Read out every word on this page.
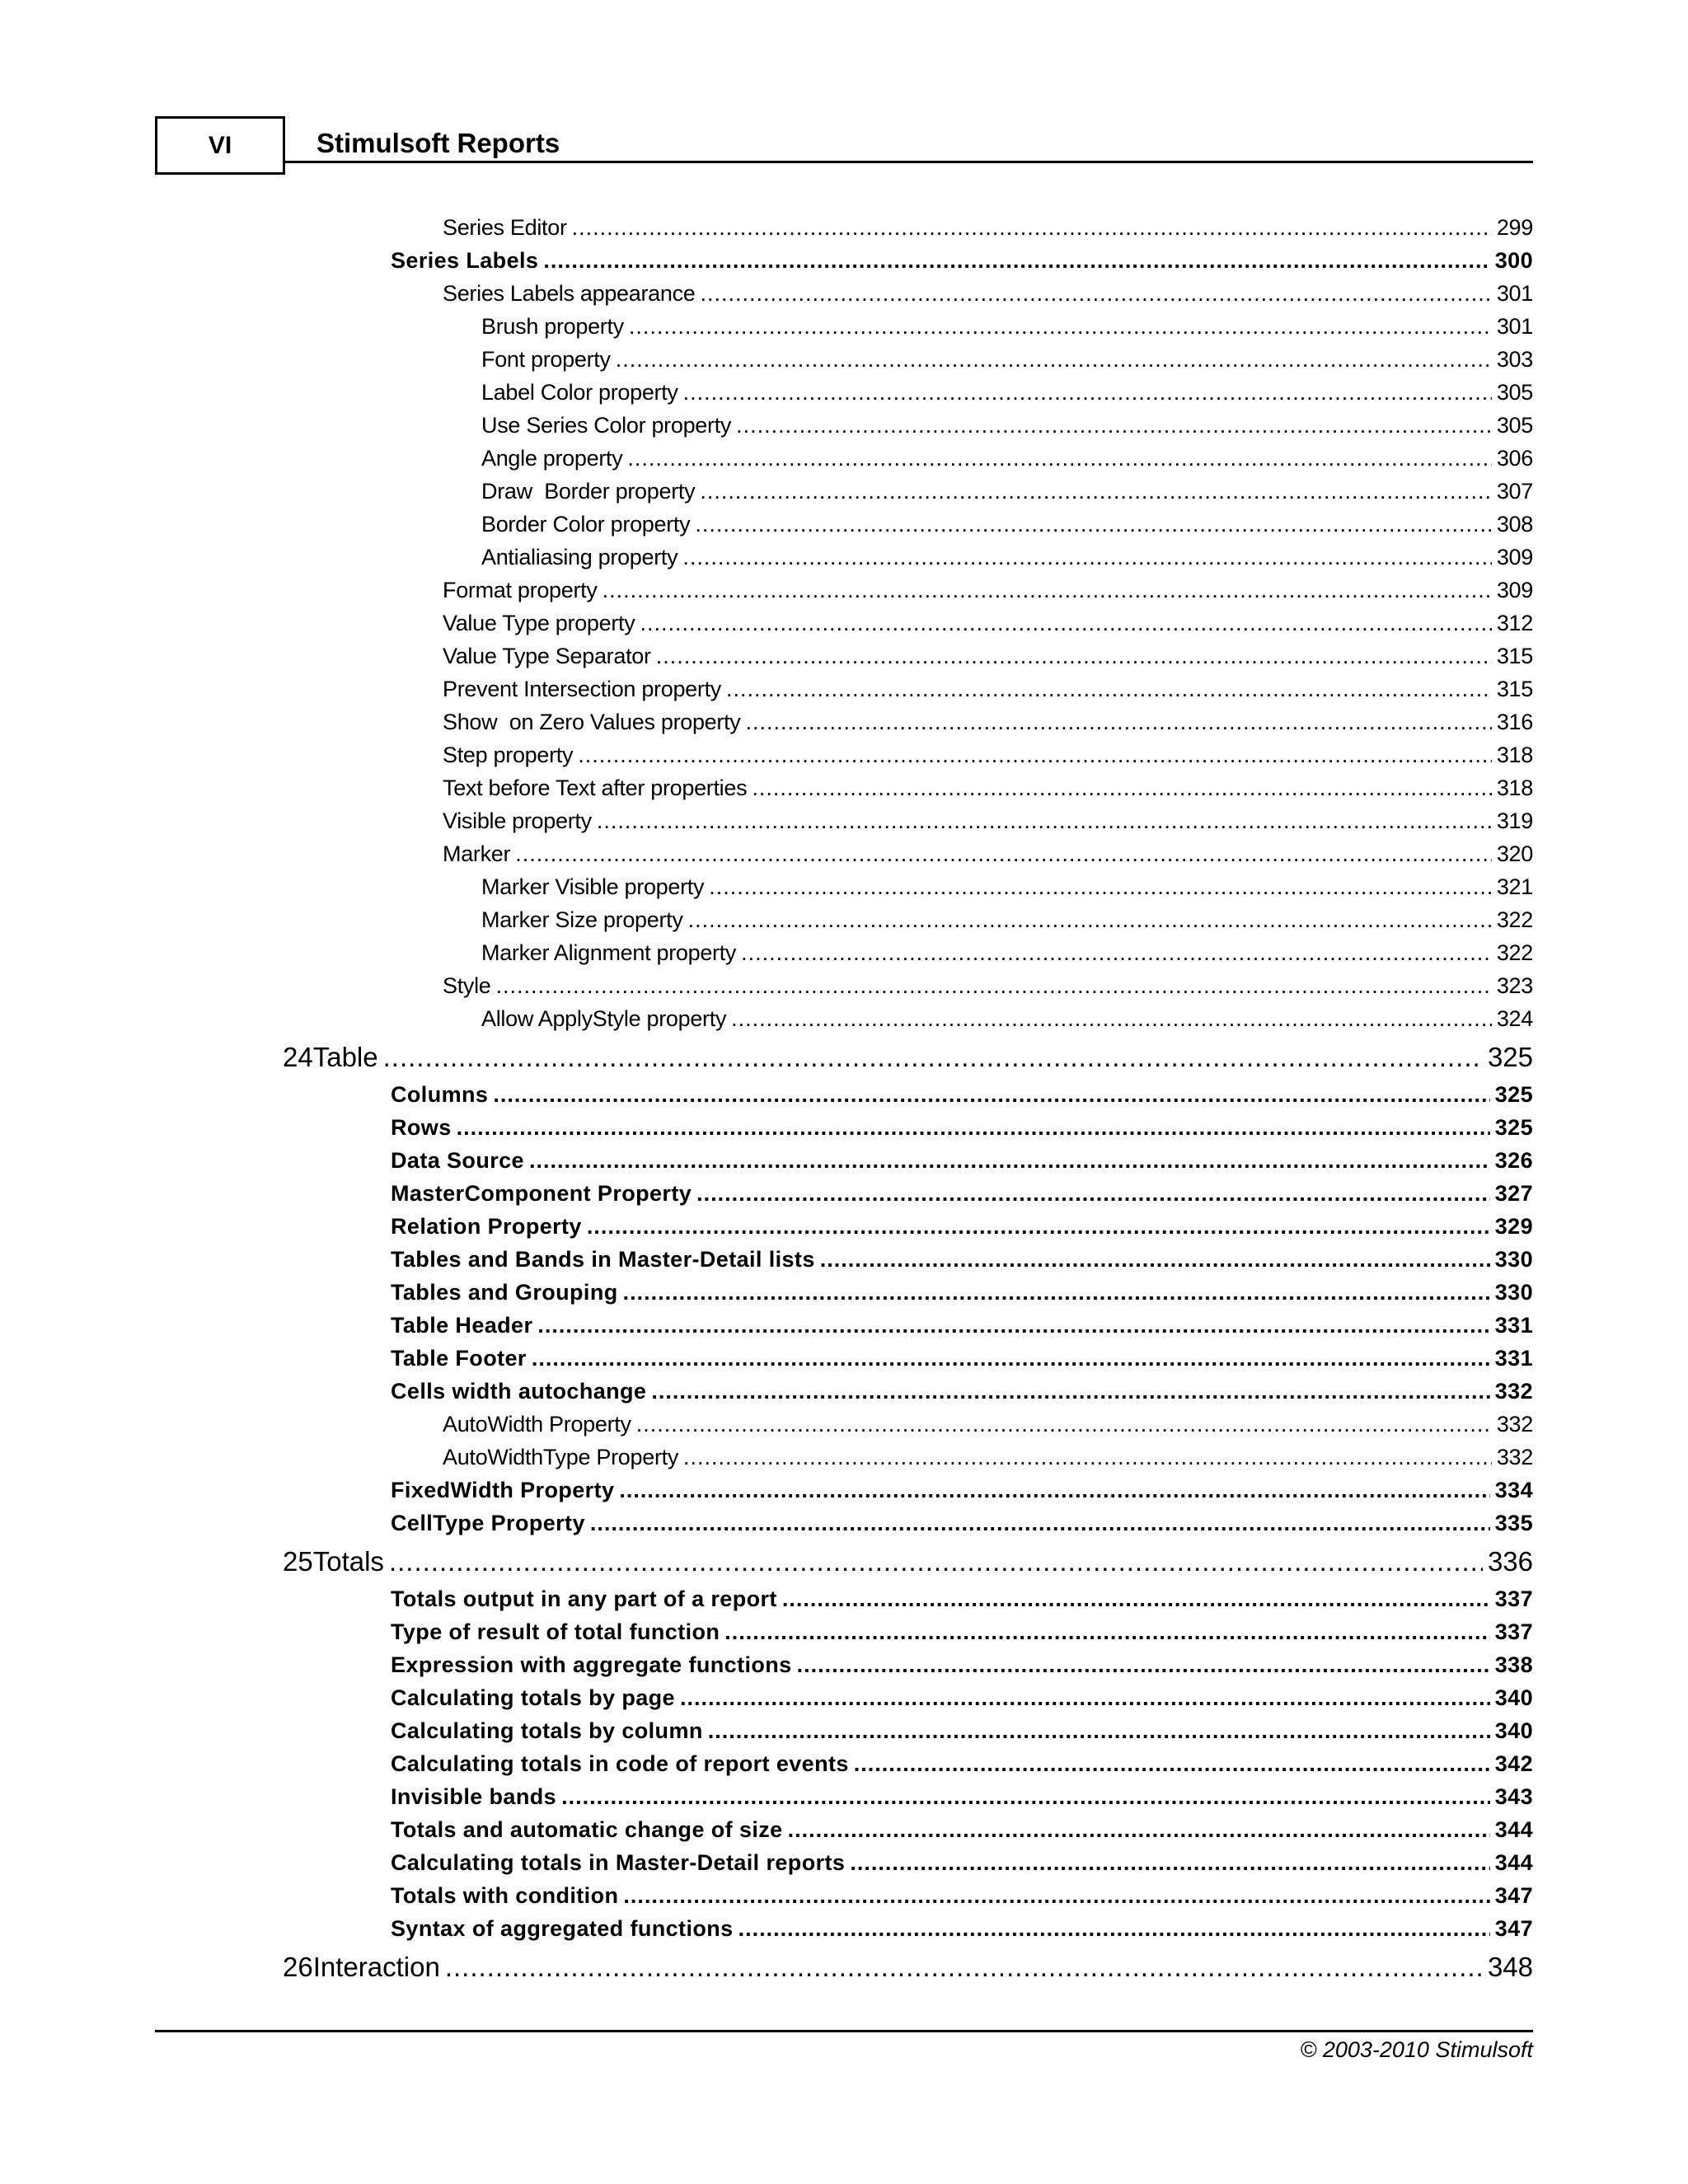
VI	Stimulsoft Reports
Series Editor .....	299
Series Labels .....	300
Series Labels appearance .....	301
Brush property .....	301
Font property .....	303
Label Color property .....	305
Use Series Color property .....	305
Angle property .....	306
Draw  Border property .....	307
Border Color property .....	308
Antialiasing property .....	309
Format property .....	309
Value Type property .....	312
Value Type Separator .....	315
Prevent Intersection property .....	315
Show  on Zero Values property .....	316
Step property .....	318
Text before Text after properties .....	318
Visible property .....	319
Marker .....	320
Marker Visible property .....	321
Marker Size property .....	322
Marker Alignment property .....	322
Style .....	323
Allow ApplyStyle property .....	324
24 Table .....	325
Columns .....	325
Rows .....	325
Data Source .....	326
MasterComponent Property .....	327
Relation Property .....	329
Tables and Bands in Master-Detail lists .....	330
Tables and Grouping .....	330
Table Header .....	331
Table Footer .....	331
Cells width autochange .....	332
AutoWidth Property .....	332
AutoWidthType Property .....	332
FixedWidth Property .....	334
CellType Property .....	335
25 Totals .....	336
Totals output in any part of a report .....	337
Type of result of total function .....	337
Expression with aggregate functions .....	338
Calculating totals by page .....	340
Calculating totals by column .....	340
Calculating totals in code of report events .....	342
Invisible bands .....	343
Totals and automatic change of size .....	344
Calculating totals in Master-Detail reports .....	344
Totals with condition .....	347
Syntax of aggregated functions .....	347
26 Interaction .....	348
© 2003-2010 Stimulsoft
